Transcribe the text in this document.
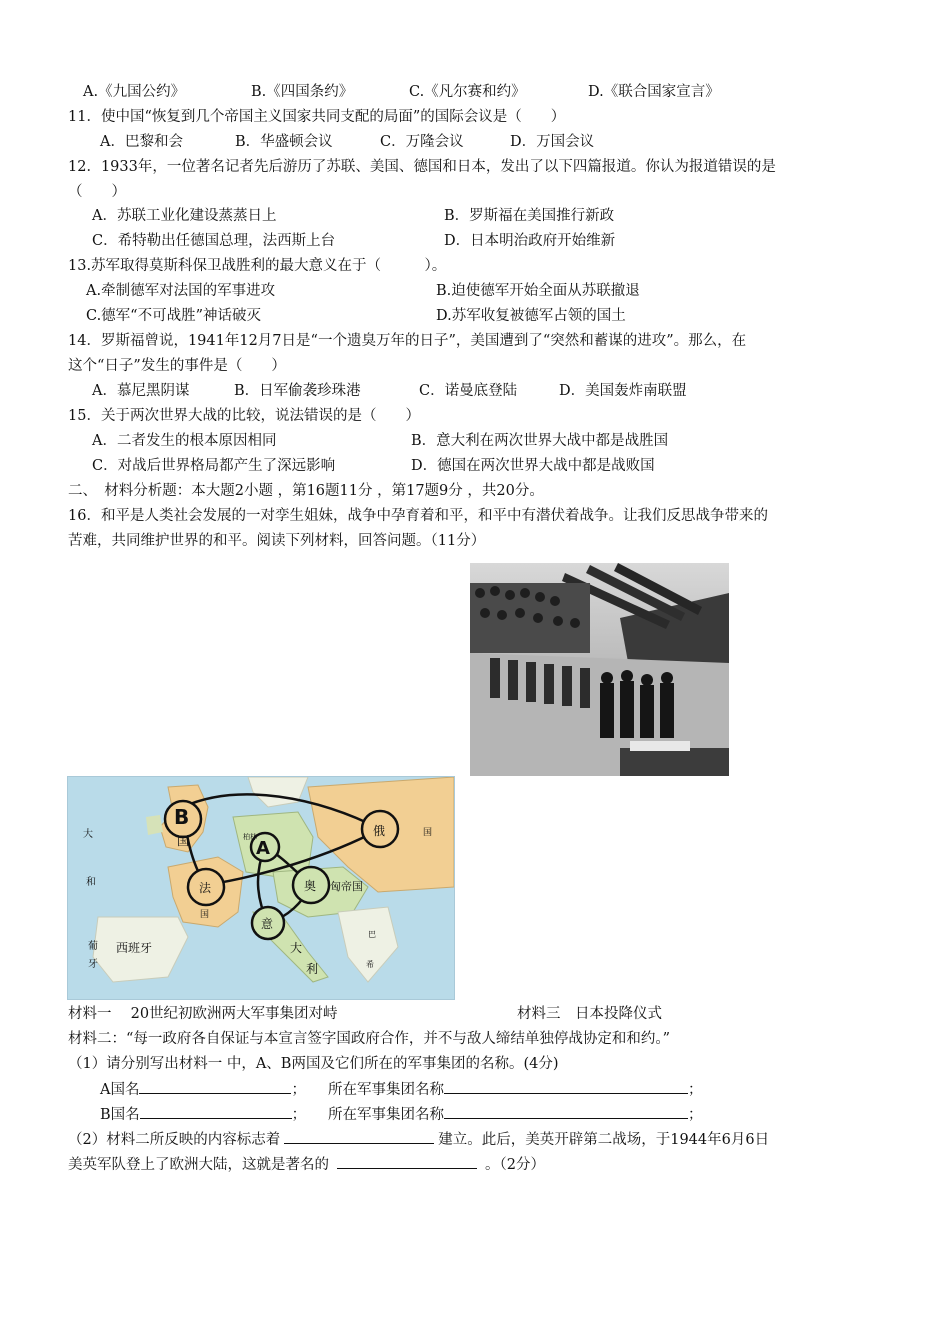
A.《九国公约》	B.《四国条约》	C.《凡尔赛和约》	D.《联合国家宣言》
11．使中国“恢复到几个帝国主义国家共同支配的局面”的国际会议是（　　）
A．巴黎和会	B．华盛顿会议	C．万隆会议	D．万国会议
12．1933年，一位著名记者先后游历了苏联、美国、德国和日本，发出了以下四篇报道。你认为报道错误的是
（　　）
A．苏联工业化建设蒸蒸日上	B．罗斯福在美国推行新政
C．希特勒出任德国总理，法西斯上台	D．日本明治政府开始维新
13.苏军取得莫斯科保卫战胜利的最大意义在于（　　　）。
A.牵制德军对法国的军事进攻	B.迫使德军开始全面从苏联撤退
C.德军“不可战胜”神话破灭	D.苏军收复被德军占领的国土
14．罗斯福曾说，1941年12月7日是“一个遗臭万年的日子”，美国遭到了“突然和蓄谋的进攻”。那么，在
这个“日子”发生的事件是（　　）
A．慕尼黑阴谋	B．日军偷袭珍珠港	C．诺曼底登陆	D．美国轰炸南联盟
15．关于两次世界大战的比较，说法错误的是（　　）
A．二者发生的根本原因相同	B．意大利在两次世界大战中都是战胜国
C．对战后世界格局都产生了深远影响	D．德国在两次世界大战中都是战败国
二、　材料分析题：本大题2小题 ，第16题11分 ，第17题9分 ，共20分。
16．和平是人类社会发展的一对孪生姐妹，战争中孕育着和平，和平中有潜伏着战争。让我们反思战争带来的
苦难，共同维护世界的和平。阅读下列材料，回答问题。（11分）
B
国	A
法
国
俄	国
奥 匈帝国
意
大
利
西班牙
葡
牙
柏林
大
和
巴
希
材料一　 20世纪初欧洲两大军事集团对峙	材料三　日本投降仪式
材料二：“每一政府各自保证与本宣言签字国政府合作，并不与敌人缔结单独停战协定和和约。”
（1）请分别写出材料一 中，A、B两国及它们所在的军事集团的名称。(4分)
A国名	； 所在军事集团名称	；
B国名	； 所在军事集团名称	；
（2）材料二所反映的内容标志着	建立。此后，美英开辟第二战场，于1944年6月6日
美英军队登上了欧洲大陆，这就是著名的	。（2分）
